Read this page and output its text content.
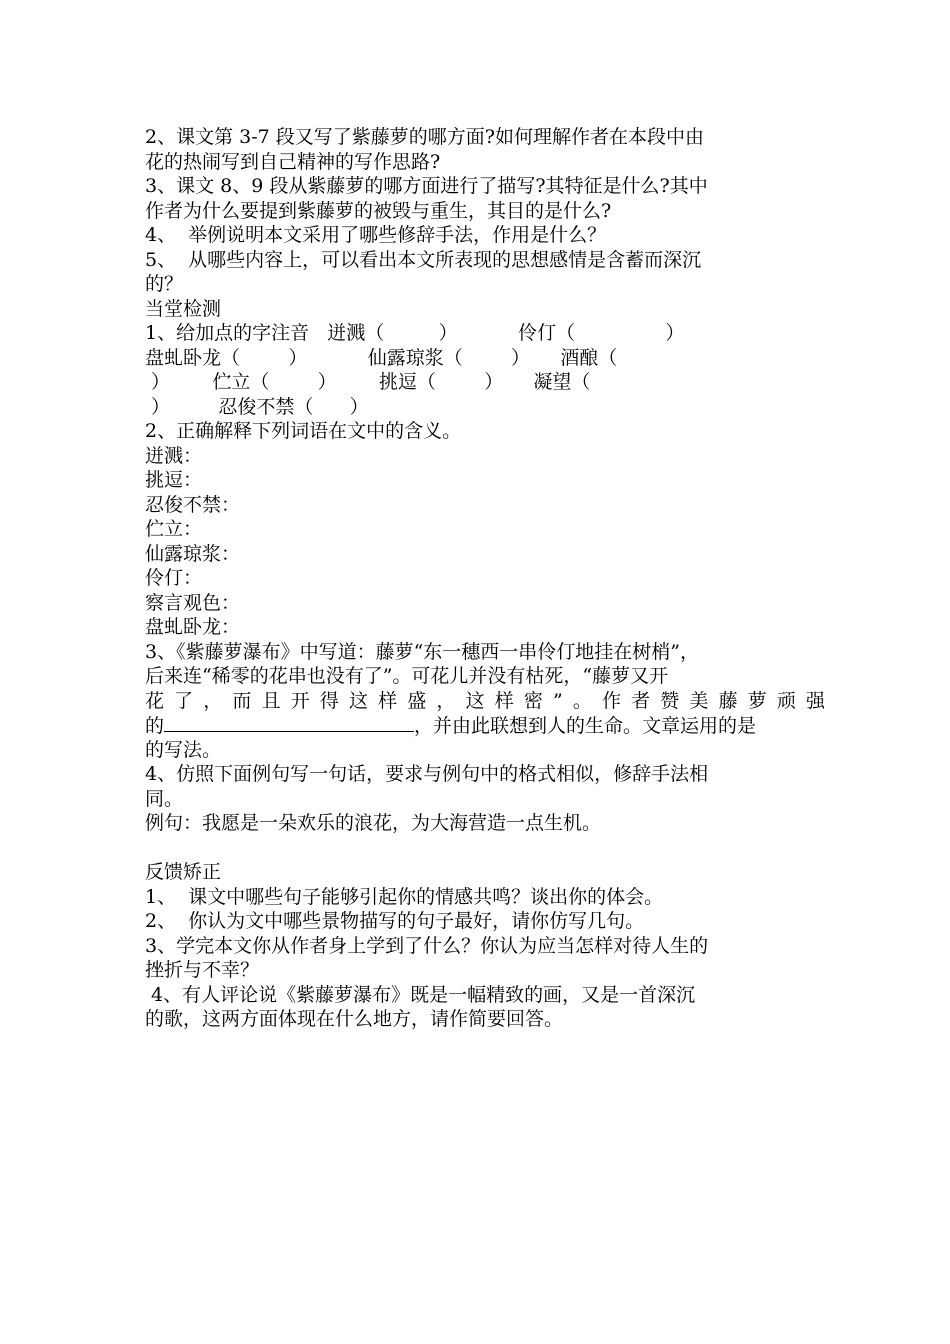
2、课文第 3-7 段又写了紫藤萝的哪方面?如何理解作者在本段中由
花的热闹写到自己精神的写作思路?
3、课文 8、9 段从紫藤萝的哪方面进行了描写?其特征是什么?其中
作者为什么要提到紫藤萝的被毁与重生，其目的是什么?
4、  举例说明本文采用了哪些修辞手法，作用是什么？
5、  从哪些内容上，可以看出本文所表现的思想感情是含蓄而深沉
的？
当堂检测
1、给加点的字注音   迸溅（         ）          伶仃（               ）
盘虬卧龙（        ）          仙露琼浆（        ）     酒酿（
）       伫立（        ）       挑逗（        ）     凝望（
）        忍俊不禁（      ）
2、正确解释下列词语在文中的含义。
迸溅：
挑逗：
忍俊不禁：
伫立：
仙露琼浆：
伶仃：
察言观色：
盘虬卧龙：
3、《紫藤萝瀑布》中写道：藤萝“东一穗西一串伶仃地挂在树梢”，
后来连“稀零的花串也没有了”。可花儿并没有枯死，“藤萝又开
花了，而且开得这样盛，这样密”。作者赞美藤萝顽强
的	，并由此联想到人的生命。文章运用的是
的写法。
4、仿照下面例句写一句话，要求与例句中的格式相似，修辞手法相
同。
例句：我愿是一朵欢乐的浪花，为大海营造一点生机。
反馈矫正
1、  课文中哪些句子能够引起你的情感共鸣？谈出你的体会。
2、  你认为文中哪些景物描写的句子最好，请你仿写几句。
3、学完本文你从作者身上学到了什么？你认为应当怎样对待人生的
挫折与不幸？
4、有人评论说《紫藤萝瀑布》既是一幅精致的画，又是一首深沉
的歌，这两方面体现在什么地方，请作简要回答。
